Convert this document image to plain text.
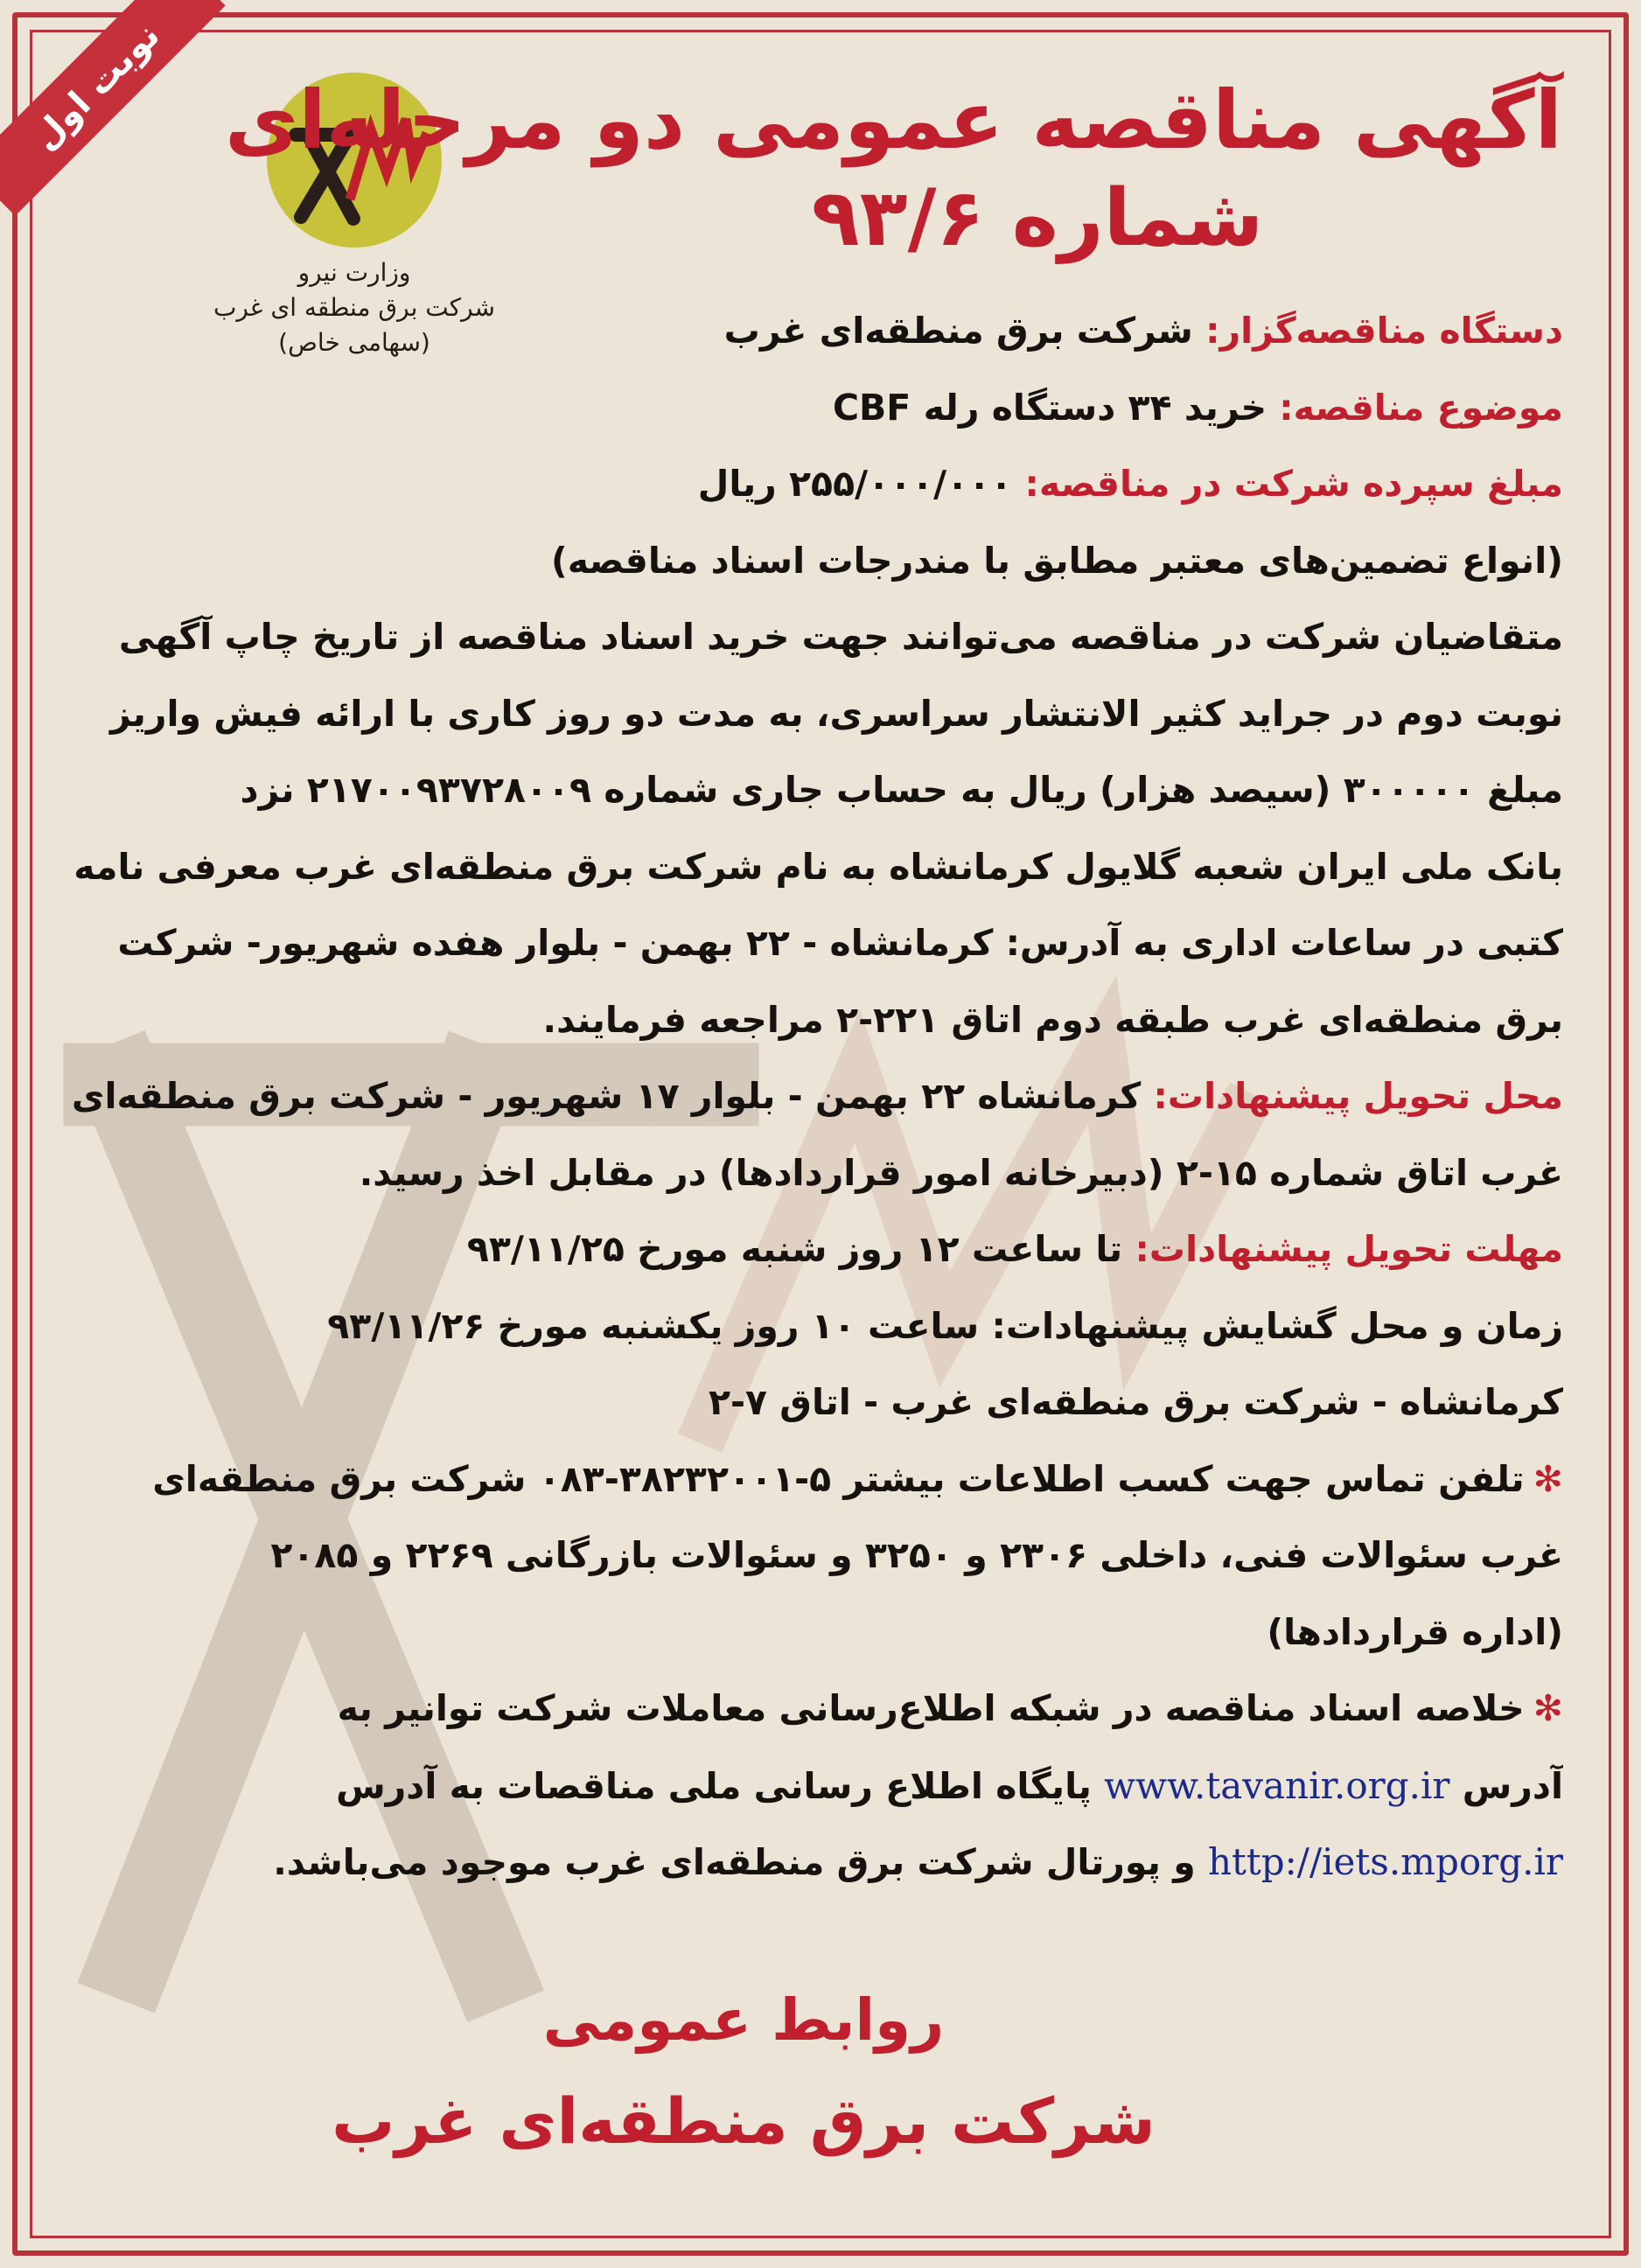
نوبت اول
وزارت نیرو
شرکت برق منطقه ای غرب
(سهامی خاص)
آگهی مناقصه عمومی دو مرحله‌ای
شماره ۹۳/۶
دستگاه مناقصه‌گزار: شرکت برق منطقه‌ای غرب
موضوع مناقصه: خرید ۳۴ دستگاه رله CBF
مبلغ سپرده شرکت در مناقصه: ۲۵۵/۰۰۰/۰۰۰ ریال
(انواع تضمین‌های معتبر مطابق با مندرجات اسناد مناقصه)
متقاضیان شرکت در مناقصه می‌توانند جهت خرید اسناد مناقصه از تاریخ چاپ آگهی
نوبت دوم در جراید کثیر الانتشار سراسری، به مدت دو روز کاری با ارائه فیش واریز
مبلغ ۳۰۰۰۰۰ (سیصد هزار) ریال به حساب جاری شماره ۲۱۷۰۰۹۳۷۲۸۰۰۹ نزد
بانک ملی ایران شعبه گلایول کرمانشاه به نام شرکت برق منطقه‌ای غرب معرفی نامه
کتبی در ساعات اداری به آدرس: کرمانشاه - ۲۲ بهمن - بلوار هفده شهریور- شرکت
برق منطقه‌ای غرب طبقه دوم اتاق ۲۲۱-۲ مراجعه فرمایند.
محل تحویل پیشنهادات: کرمانشاه ۲۲ بهمن - بلوار ۱۷ شهریور - شرکت برق منطقه‌ای
غرب اتاق شماره ۱۵-۲ (دبیرخانه امور قراردادها) در مقابل اخذ رسید.
مهلت تحویل پیشنهادات: تا ساعت ۱۲ روز شنبه مورخ ۹۳/۱۱/۲۵
زمان و محل گشایش پیشنهادات: ساعت ۱۰ روز یکشنبه مورخ ۹۳/۱۱/۲۶
کرمانشاه - شرکت برق منطقه‌ای غرب - اتاق ۷-۲
✻تلفن تماس جهت کسب اطلاعات بیشتر ۵-۳۸۲۳۲۰۰۱-۰۸۳ شرکت برق منطقه‌ای
غرب سئوالات فنی، داخلی ۲۳۰۶ و ۳۲۵۰ و سئوالات بازرگانی ۲۲۶۹ و ۲۰۸۵
(اداره قراردادها)
✻خلاصه اسناد مناقصه در شبکه اطلاع‌رسانی معاملات شرکت توانیر به
آدرس www.tavanir.org.ir پایگاه اطلاع رسانی ملی مناقصات به آدرس
http://iets.mporg.ir و پورتال شرکت برق منطقه‌ای غرب موجود می‌باشد.
روابط عمومی
شرکت برق منطقه‌ای غرب
